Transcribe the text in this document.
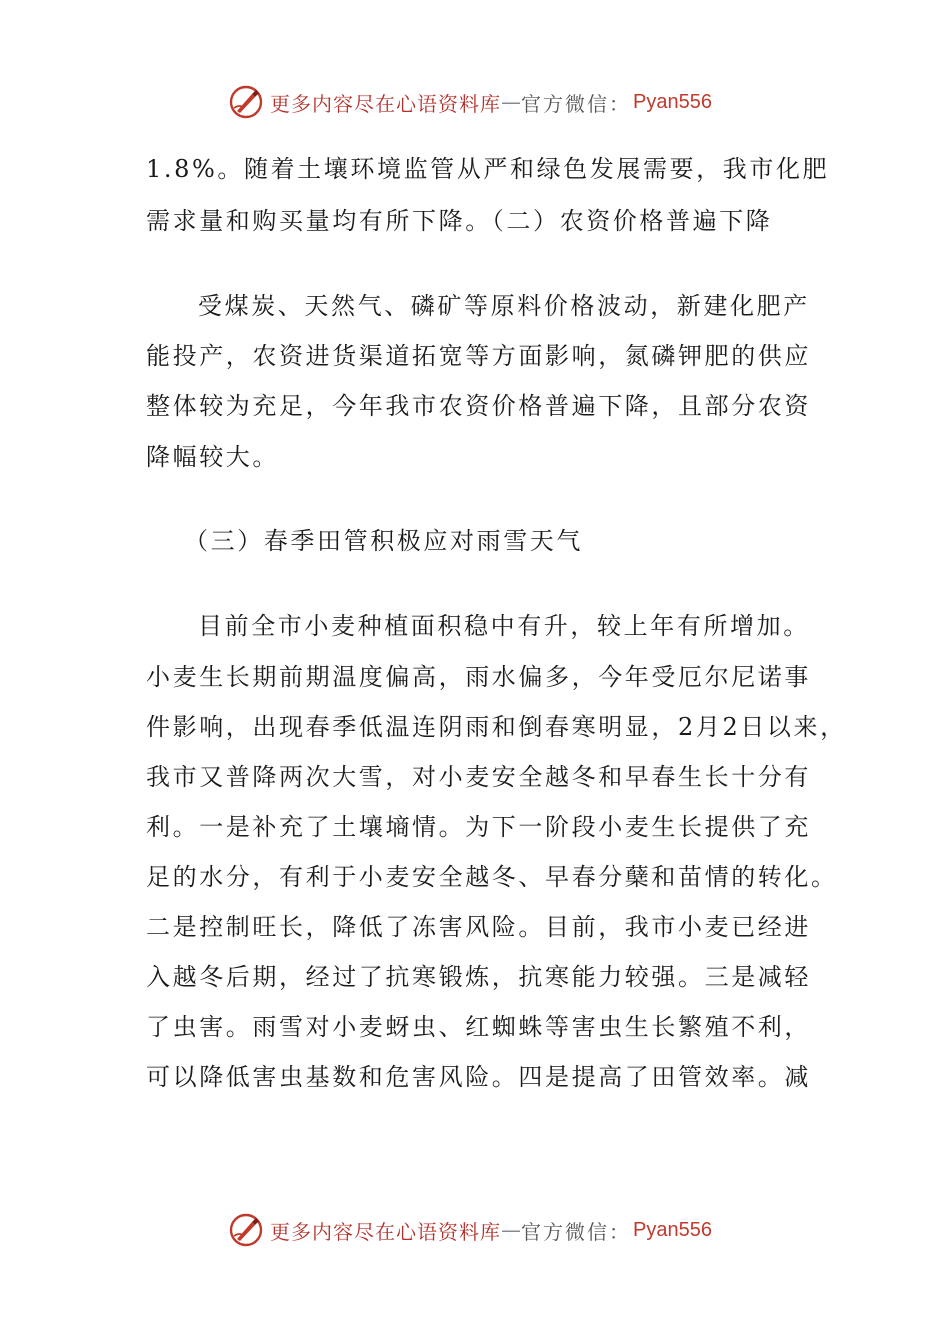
更多内容尽在心语资料库 — 官方微信： Pyan556
1.8%。随着土壤环境监管从严和绿色发展需要，我市化肥
需求量和购买量均有所下降。（二）农资价格普遍下降
受煤炭、天然气、磷矿等原料价格波动，新建化肥产
能投产，农资进货渠道拓宽等方面影响，氮磷钾肥的供应
整体较为充足，今年我市农资价格普遍下降，且部分农资
降幅较大。
（三）春季田管积极应对雨雪天气
目前全市小麦种植面积稳中有升，较上年有所增加。
小麦生长期前期温度偏高，雨水偏多，今年受厄尔尼诺事
件影响，出现春季低温连阴雨和倒春寒明显，2月2日以来，
我市又普降两次大雪，对小麦安全越冬和早春生长十分有
利。一是补充了土壤墒情。为下一阶段小麦生长提供了充
足的水分，有利于小麦安全越冬、早春分蘖和苗情的转化。
二是控制旺长，降低了冻害风险。目前，我市小麦已经进
入越冬后期，经过了抗寒锻炼，抗寒能力较强。三是减轻
了虫害。雨雪对小麦蚜虫、红蜘蛛等害虫生长繁殖不利，
可以降低害虫基数和危害风险。四是提高了田管效率。减
更多内容尽在心语资料库 — 官方微信： Pyan556
